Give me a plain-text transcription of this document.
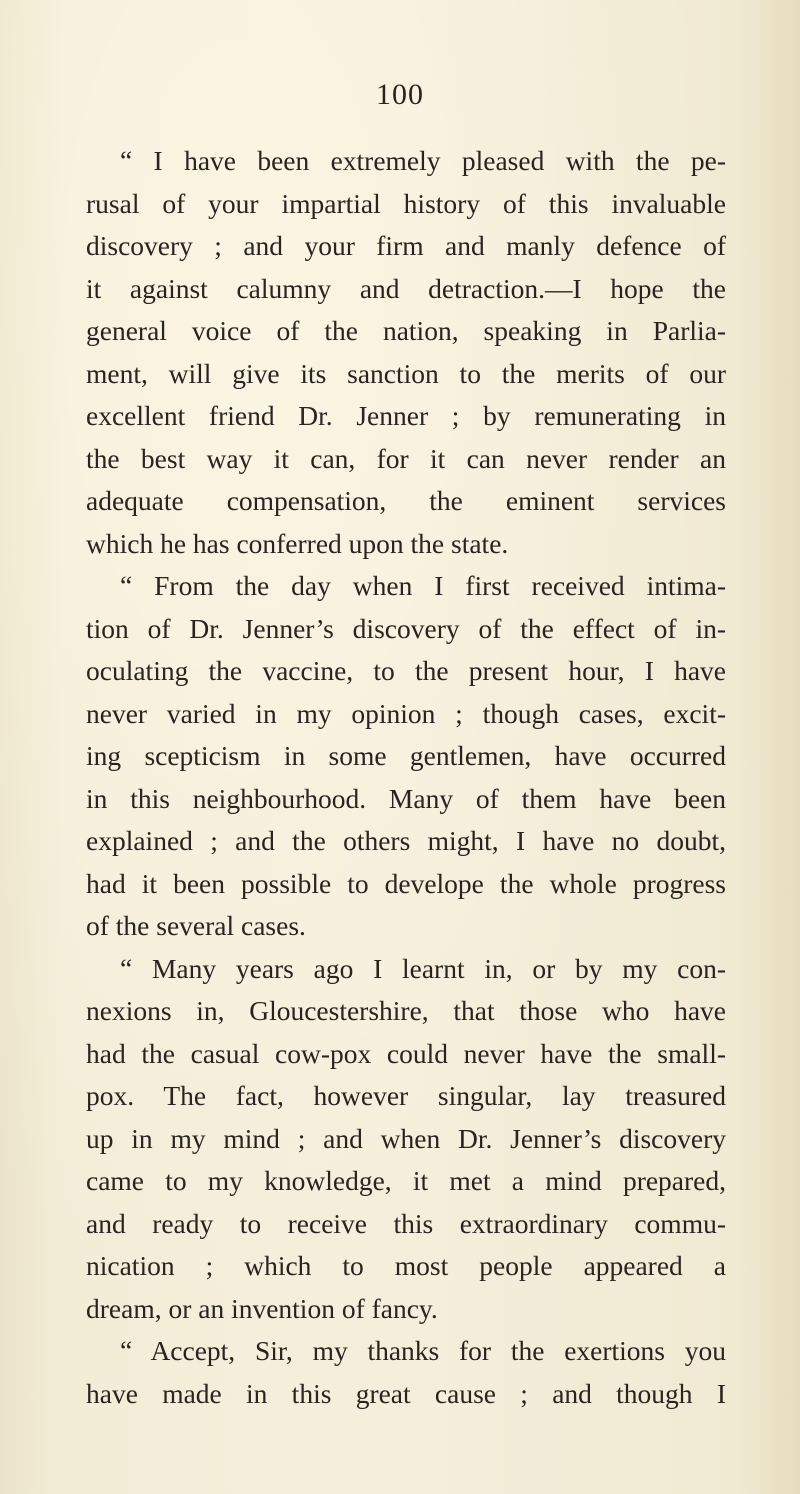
100
“ I have been extremely pleased with the pe-
rusal of your impartial history of this invaluable
discovery ; and your firm and manly defence of
it against calumny and detraction.—I hope the
general voice of the nation, speaking in Parlia-
ment, will give its sanction to the merits of our
excellent friend Dr. Jenner ; by remunerating in
the best way it can, for it can never render an
adequate compensation, the eminent services
which he has conferred upon the state.
“ From the day when I first received intima-
tion of Dr. Jenner’s discovery of the effect of in-
oculating the vaccine, to the present hour, I have
never varied in my opinion ; though cases, excit-
ing scepticism in some gentlemen, have occurred
in this neighbourhood. Many of them have been
explained ; and the others might, I have no doubt,
had it been possible to develope the whole progress
of the several cases.
“ Many years ago I learnt in, or by my con-
nexions in, Gloucestershire, that those who have
had the casual cow-pox could never have the small-
pox. The fact, however singular, lay treasured
up in my mind ; and when Dr. Jenner’s discovery
came to my knowledge, it met a mind prepared,
and ready to receive this extraordinary commu-
nication ; which to most people appeared a
dream, or an invention of fancy.
“ Accept, Sir, my thanks for the exertions you
have made in this great cause ; and though I
